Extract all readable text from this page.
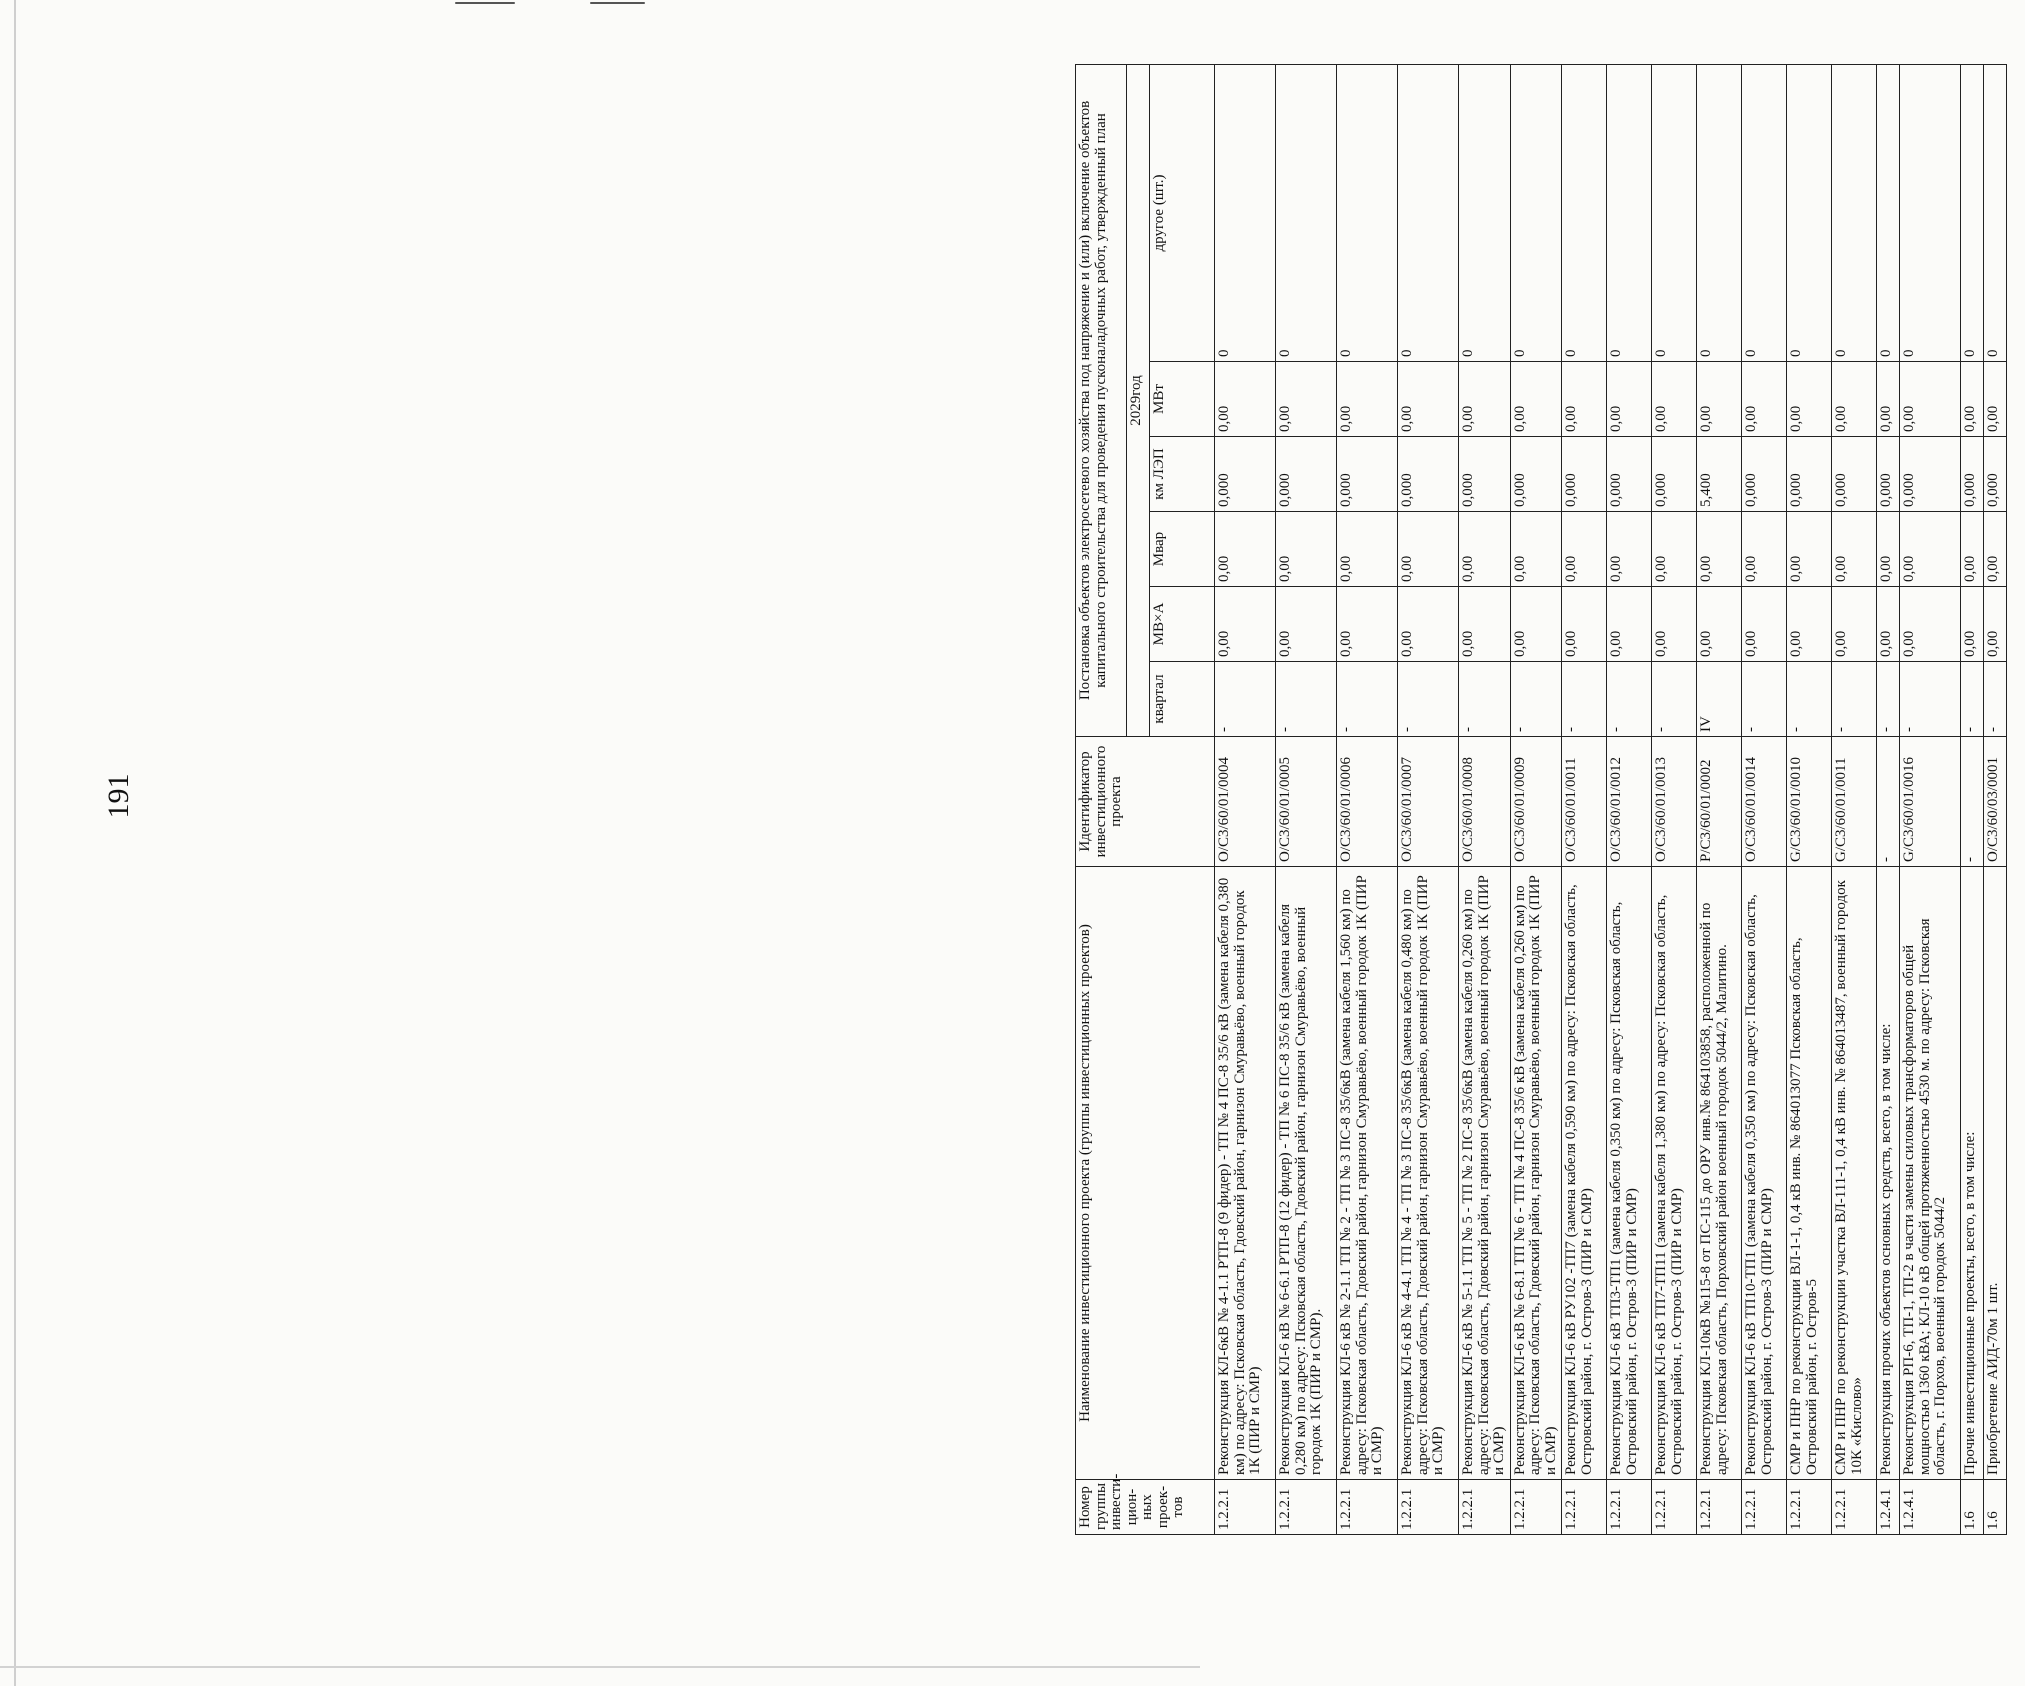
191
Номер группы инвести-цион-ных проек-тов	Наименование инвестиционного проекта (группы инвестиционных проектов)	Идентификатор инвестиционного проекта	Постановка объектов электросетевого хозяйства под напряжение и (или) включение объектов капитального строительства для проведения пусконаладочных работ, утвержденный план					
			2029год					
			квартал	МВ×А	Мвар	км ЛЭП	МВт	другое (шт.)
1.2.2.1	Реконструкция КЛ-6кВ № 4-1.1 РТП-8 (9 фидер) - ТП № 4 ПС-8 35/6 кВ (замена кабеля 0,380 км) по адресу: Псковская область, Гдовский район, гарнизон Смуравьёво, военный городок 1К (ПИР и СМР)	O/C3/60/01/0004	-	0,00	0,00	0,000	0,00	0
1.2.2.1	Реконструкция КЛ-6 кВ № 6-6.1 РТП-8 (12 фидер) - ТП № 6 ПС-8 35/6 кВ (замена кабеля 0,280 км) по адресу: Псковская область, Гдовский район, гарнизон Смуравьёво, военный городок 1К (ПИР и СМР).	O/C3/60/01/0005	-	0,00	0,00	0,000	0,00	0
1.2.2.1	Реконструкция КЛ-6 кВ № 2-1.1 ТП № 2 - ТП № 3 ПС-8 35/6кВ (замена кабеля 1,560 км) по адресу: Псковская область, Гдовский район, гарнизон Смуравьёво, военный городок 1К (ПИР и СМР)	O/C3/60/01/0006	-	0,00	0,00	0,000	0,00	0
1.2.2.1	Реконструкция КЛ-6 кВ № 4-4.1 ТП № 4 - ТП № 3 ПС-8 35/6кВ (замена кабеля 0,480 км) по адресу: Псковская область, Гдовский район, гарнизон Смуравьёво, военный городок 1К (ПИР и СМР)	O/C3/60/01/0007	-	0,00	0,00	0,000	0,00	0
1.2.2.1	Реконструкция КЛ-6 кВ № 5-1.1 ТП № 5 - ТП № 2 ПС-8 35/6кВ (замена кабеля 0,260 км) по адресу: Псковская область, Гдовский район, гарнизон Смуравьёво, военный городок 1К (ПИР и СМР)	O/C3/60/01/0008	-	0,00	0,00	0,000	0,00	0
1.2.2.1	Реконструкция КЛ-6 кВ № 6-8.1 ТП № 6 - ТП № 4 ПС-8 35/6 кВ (замена кабеля 0,260 км) по адресу: Псковская область, Гдовский район, гарнизон Смуравьёво, военный городок 1К (ПИР и СМР)	O/C3/60/01/0009	-	0,00	0,00	0,000	0,00	0
1.2.2.1	Реконструкция КЛ-6 кВ РУ102 -ТП7 (замена кабеля 0,590 км) по адресу: Псковская область, Островский район, г. Остров-3 (ПИР и СМР)	O/C3/60/01/0011	-	0,00	0,00	0,000	0,00	0
1.2.2.1	Реконструкция КЛ-6 кВ ТП3-ТП1 (замена кабеля 0,350 км) по адресу: Псковская область, Островский район, г. Остров-3 (ПИР и СМР)	O/C3/60/01/0012	-	0,00	0,00	0,000	0,00	0
1.2.2.1	Реконструкция КЛ-6 кВ ТП7-ТП11 (замена кабеля 1,380 км) по адресу: Псковская область, Островский район, г. Остров-3 (ПИР и СМР)	O/C3/60/01/0013	-	0,00	0,00	0,000	0,00	0
1.2.2.1	Реконструкция КЛ-10кВ №115-8 от ПС-115 до ОРУ инв.№ 864103858, расположенной по адресу: Псковская область, Порховский район военный городок 5044/2, Малитино.	P/C3/60/01/0002	IV	0,00	0,00	5,400	0,00	0
1.2.2.1	Реконструкция КЛ-6 кВ ТП10-ТП1 (замена кабеля 0,350 км) по адресу: Псковская область, Островский район, г. Остров-3 (ПИР и СМР)	O/C3/60/01/0014	-	0,00	0,00	0,000	0,00	0
1.2.2.1	СМР и ПНР по реконструкции ВЛ-1-1, 0,4 кВ инв. № 864013077 Псковская область, Островский район, г. Остров-5	G/C3/60/01/0010	-	0,00	0,00	0,000	0,00	0
1.2.2.1	СМР и ПНР по реконструкции участка ВЛ-111-1, 0,4 кВ инв. № 864013487, военный городок 10К «Кислово»	G/C3/60/01/0011	-	0,00	0,00	0,000	0,00	0
1.2.4.1	Реконструкция прочих объектов основных средств, всего, в том числе:	-	-	0,00	0,00	0,000	0,00	0
1.2.4.1	Реконструкция РП-6, ТП-1, ТП-2 в части замены силовых трансформаторов общей мощностью 1360 кВА; КЛ-10 кВ общей протяженностью 4530 м. по адресу: Псковская область, г. Порхов, военный городок 5044/2	G/C3/60/01/0016	-	0,00	0,00	0,000	0,00	0
1.6	Прочие инвестиционные проекты, всего, в том числе:	-	-	0,00	0,00	0,000	0,00	0
1.6	Приобретение АИД-70м 1 шт.	O/C3/60/03/0001	-	0,00	0,00	0,000	0,00	0
